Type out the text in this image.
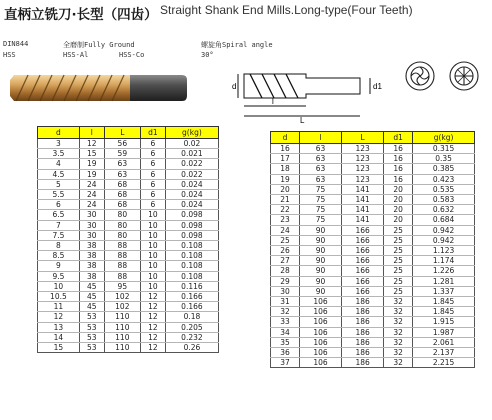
直柄立铣刀·长型（四齿） Straight Shank End Mills.Long-type(Four Teeth)
DIN844	全磨制Fully Ground	螺旋角Spiral angle
HSS	HSS-Al	HSS-Co	30°
d	d1
l
L
d	l	L	d1	g(kg)
3	12	56	6	0.02
3.5	15	59	6	0.021
4	19	63	6	0.022
4.5	19	63	6	0.022
5	24	68	6	0.024
5.5	24	68	6	0.024
6	24	68	6	0.024
6.5	30	80	10	0.098
7	30	80	10	0.098
7.5	30	80	10	0.098
8	38	88	10	0.108
8.5	38	88	10	0.108
9	38	88	10	0.108
9.5	38	88	10	0.108
10	45	95	10	0.116
10.5	45	102	12	0.166
11	45	102	12	0.166
12	53	110	12	0.18
13	53	110	12	0.205
14	53	110	12	0.232
15	53	110	12	0.26
d	l	L	d1	g(kg)
16	63	123	16	0.315
17	63	123	16	0.35
18	63	123	16	0.385
19	63	123	16	0.423
20	75	141	20	0.535
21	75	141	20	0.583
22	75	141	20	0.632
23	75	141	20	0.684
24	90	166	25	0.942
25	90	166	25	0.942
26	90	166	25	1.123
27	90	166	25	1.174
28	90	166	25	1.226
29	90	166	25	1.281
30	90	166	25	1.337
31	106	186	32	1.845
32	106	186	32	1.845
33	106	186	32	1.915
34	106	186	32	1.987
35	106	186	32	2.061
36	106	186	32	2.137
37	106	186	32	2.215
